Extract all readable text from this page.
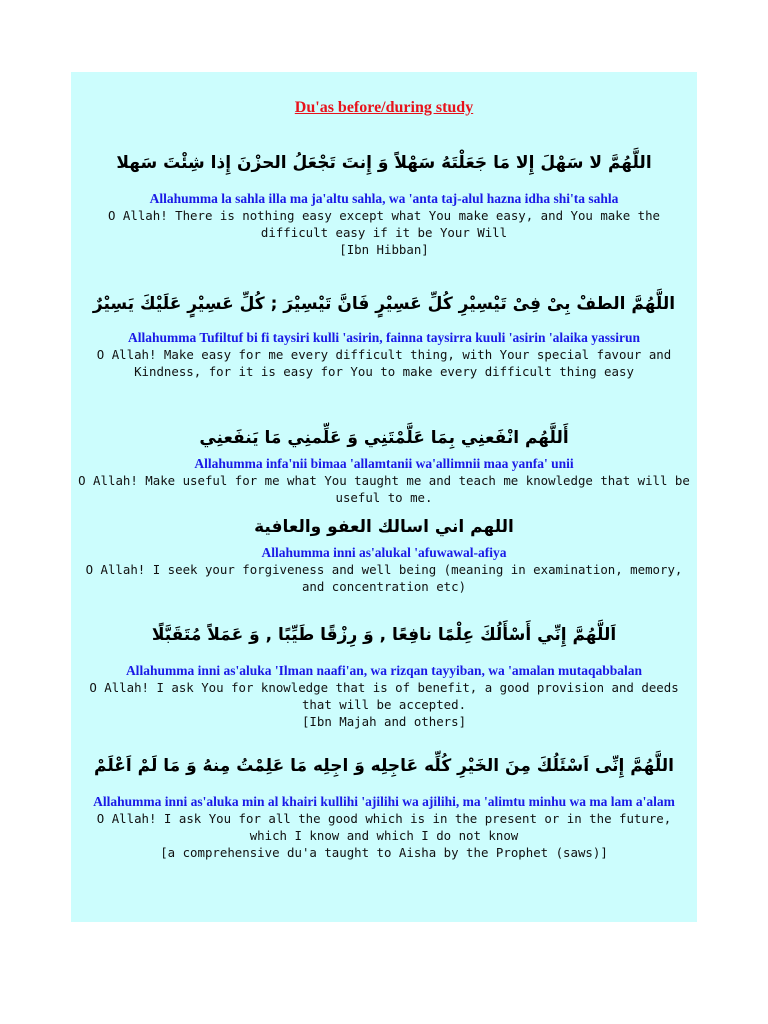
Du'as before/during study
اللَّهُمَّ لا سَهْلَ إِلا مَا جَعَلْتَهُ سَهْلاً وَ إِنتَ تَجْعَلُ الحزْنَ إِذا شِئْتَ سَهلا
Allahumma la sahla illa ma ja'altu sahla, wa 'anta taj-alul hazna idha shi'ta sahla
O Allah! There is nothing easy except what You make easy, and You make the difficult easy if it be Your Will
[Ibn Hibban]
اللَّهُمَّ الطفْ بِىْ فِىْ تَيْسِيْرِ كُلِّ عَسِيْرٍ فَانَّ تَيْسِيْرَ ; كُلِّ عَسِيْرٍ عَلَيْكَ يَسِيْرٌ
Allahumma Tufiltuf bi fi taysiri kulli 'asirin, fainna taysirra kuuli 'asirin 'alaika yassirun
O Allah! Make easy for me every difficult thing, with Your special favour and Kindness, for it is easy for You to make every difficult thing easy
أَللَّهُم انْفَعنِي بِمَا عَلَّمْتَنِي وَ عَلِّمنِي مَا يَنفَعنِي
Allahumma infa'nii bimaa 'allamtanii wa'allimnii maa yanfa' unii
O Allah! Make useful for me what You taught me and teach me knowledge that will be useful to me.
اللهم اني اسالك العفو والعافية
Allahumma inni as'alukal 'afuwawal-afiya
O Allah! I seek your forgiveness and well being (meaning in examination, memory, and concentration etc)
اَللَّهُمَّ إِنِّي أَسْأَلُكَ عِلْمًا نافِعًا , وَ رِزْقًا طَيِّبًا , وَ عَمَلاً مُتَقَبَّلًا
Allahumma inni as'aluka 'Ilman naafi'an, wa rizqan tayyiban, wa 'amalan mutaqabbalan
O Allah! I ask You for knowledge that is of benefit, a good provision and deeds that will be accepted.
[Ibn Majah and others]
اللَّهُمَّ إِنِّى اَسْئَلُكَ مِنَ الخَيْرِ كُلِّه عَاجِلِه وَ اجِلِه مَا عَلِمْتُ مِنهُ وَ مَا لَمْ اَعْلَمْ
Allahumma inni as'aluka min al khairi kullihi 'ajilihi wa ajilihi, ma 'alimtu minhu wa ma lam a'alam
O Allah! I ask You for all the good which is in the present or in the future, which I know and which I do not know
[a comprehensive du'a taught to Aisha by the Prophet (saws)]
